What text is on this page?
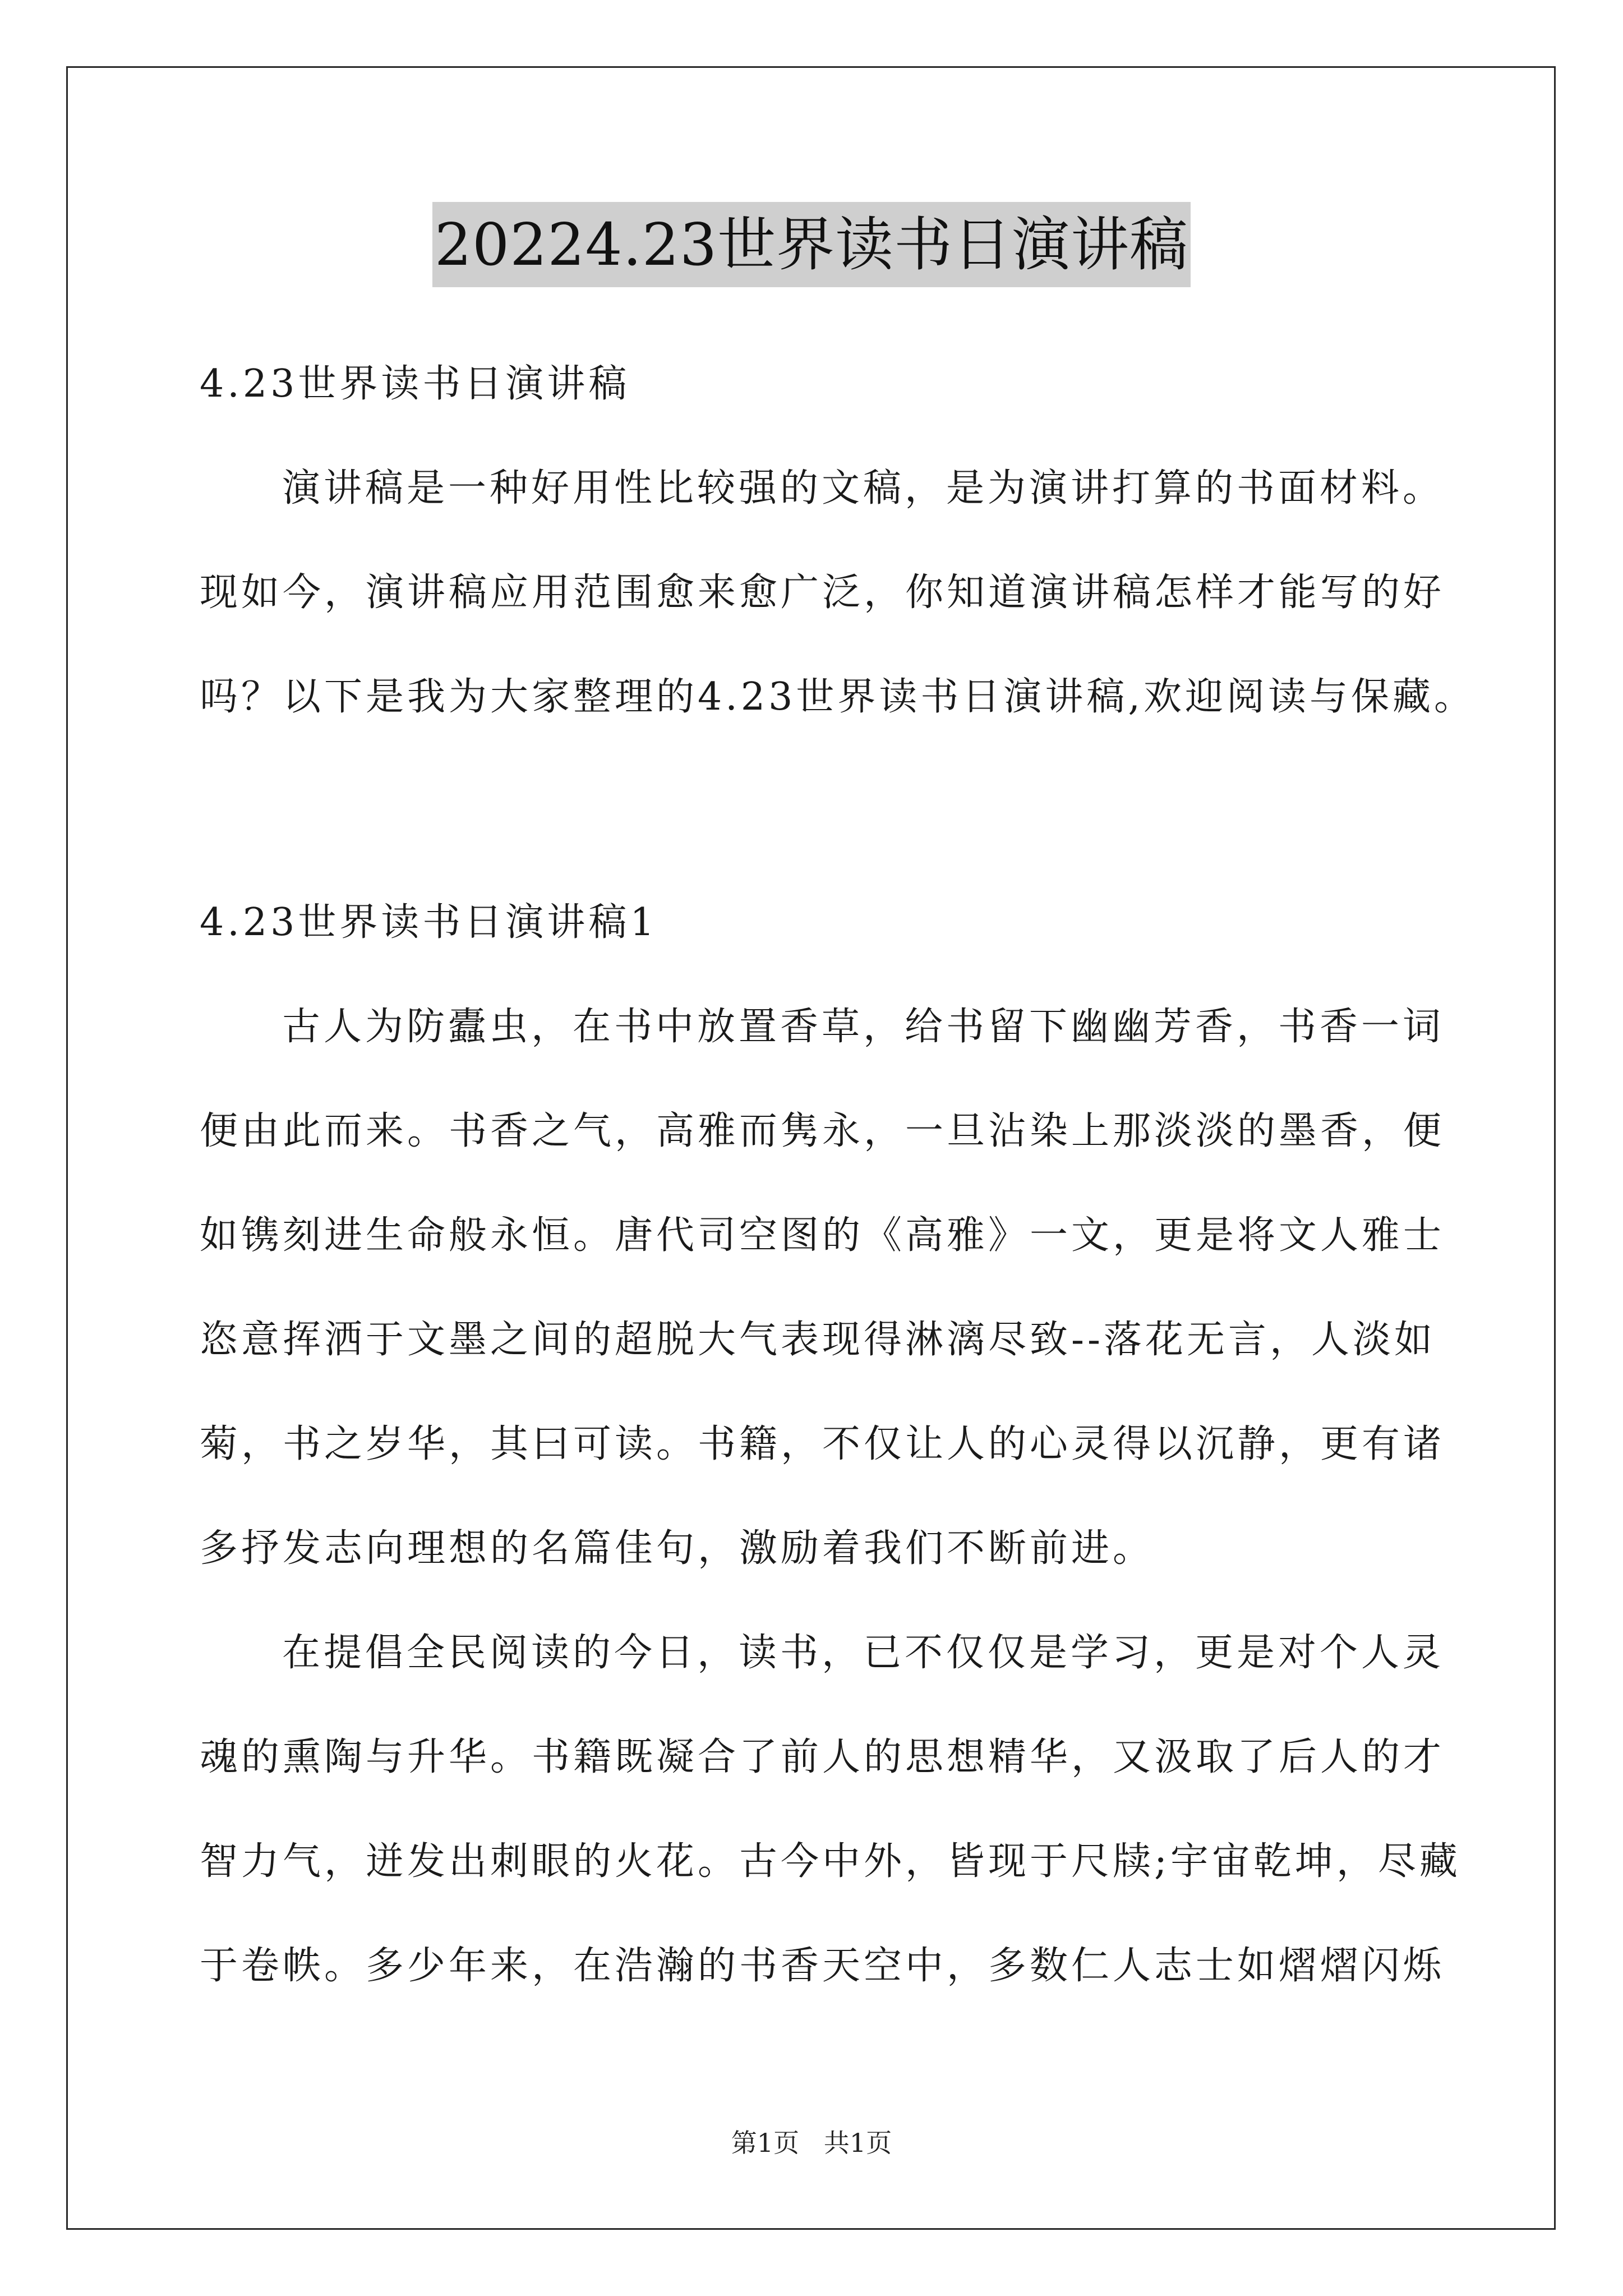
20224.23世界读书日演讲稿
4.23世界读书日演讲稿
演讲稿是一种好用性比较强的文稿，是为演讲打算的书面材料。
现如今，演讲稿应用范围愈来愈广泛，你知道演讲稿怎样才能写的好
吗？以下是我为大家整理的4.23世界读书日演讲稿,欢迎阅读与保藏。
4.23世界读书日演讲稿1
古人为防蠹虫，在书中放置香草，给书留下幽幽芳香，书香一词
便由此而来。书香之气，高雅而隽永，一旦沾染上那淡淡的墨香，便
如镌刻进生命般永恒。唐代司空图的《高雅》一文，更是将文人雅士
恣意挥洒于文墨之间的超脱大气表现得淋漓尽致--落花无言，人淡如
菊，书之岁华，其曰可读。书籍，不仅让人的心灵得以沉静，更有诸
多抒发志向理想的名篇佳句，激励着我们不断前进。
在提倡全民阅读的今日，读书，已不仅仅是学习，更是对个人灵
魂的熏陶与升华。书籍既凝合了前人的思想精华，又汲取了后人的才
智力气，迸发出刺眼的火花。古今中外，皆现于尺牍;宇宙乾坤，尽藏
于卷帙。多少年来，在浩瀚的书香天空中，多数仁人志士如熠熠闪烁
第1页   共1页
